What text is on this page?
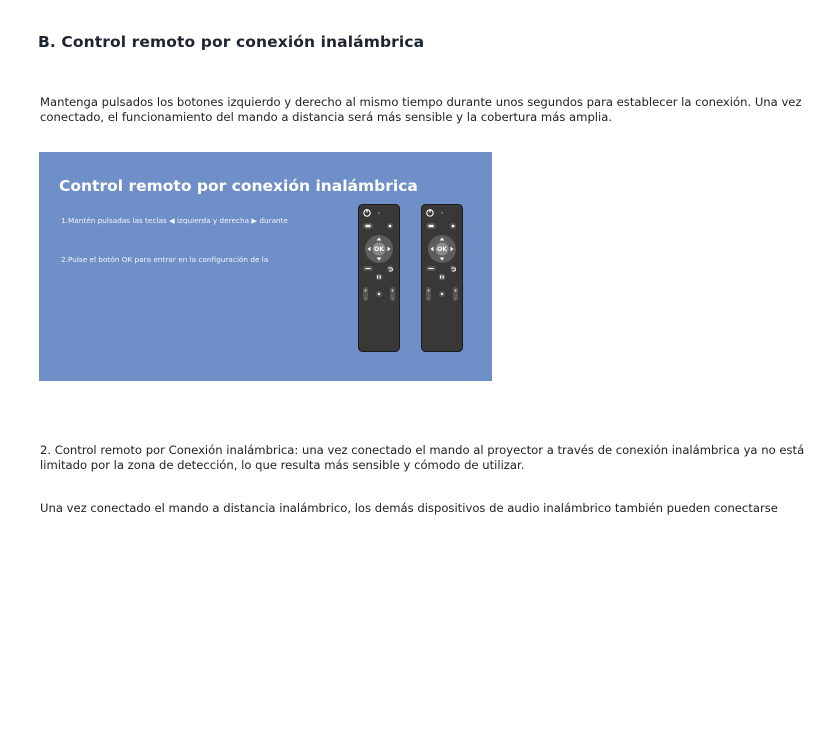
B. Control remoto por conexión inalámbrica

Mantenga pulsados los botones izquierdo y derecho al mismo tiempo durante unos segundos para establecer la conexión. Una vez conectado, el funcionamiento del mando a distancia será más sensible y la cobertura más amplia.

Control remoto por conexión inalámbrica
1.Mantén pulsadas las teclas ◀ izquierda y derecha ▶ durante
2.Pulse el botón OK para entrar en la configuración de la
OK
+
-
+
-
OK
+
-
+
-

2. Control remoto por Conexión inalámbrica: una vez conectado el mando al proyector a través de conexión inalámbrica ya no está limitado por la zona de detección, lo que resulta más sensible y cómodo de utilizar.

Una vez conectado el mando a distancia inalámbrico, los demás dispositivos de audio inalámbrico también pueden conectarse
